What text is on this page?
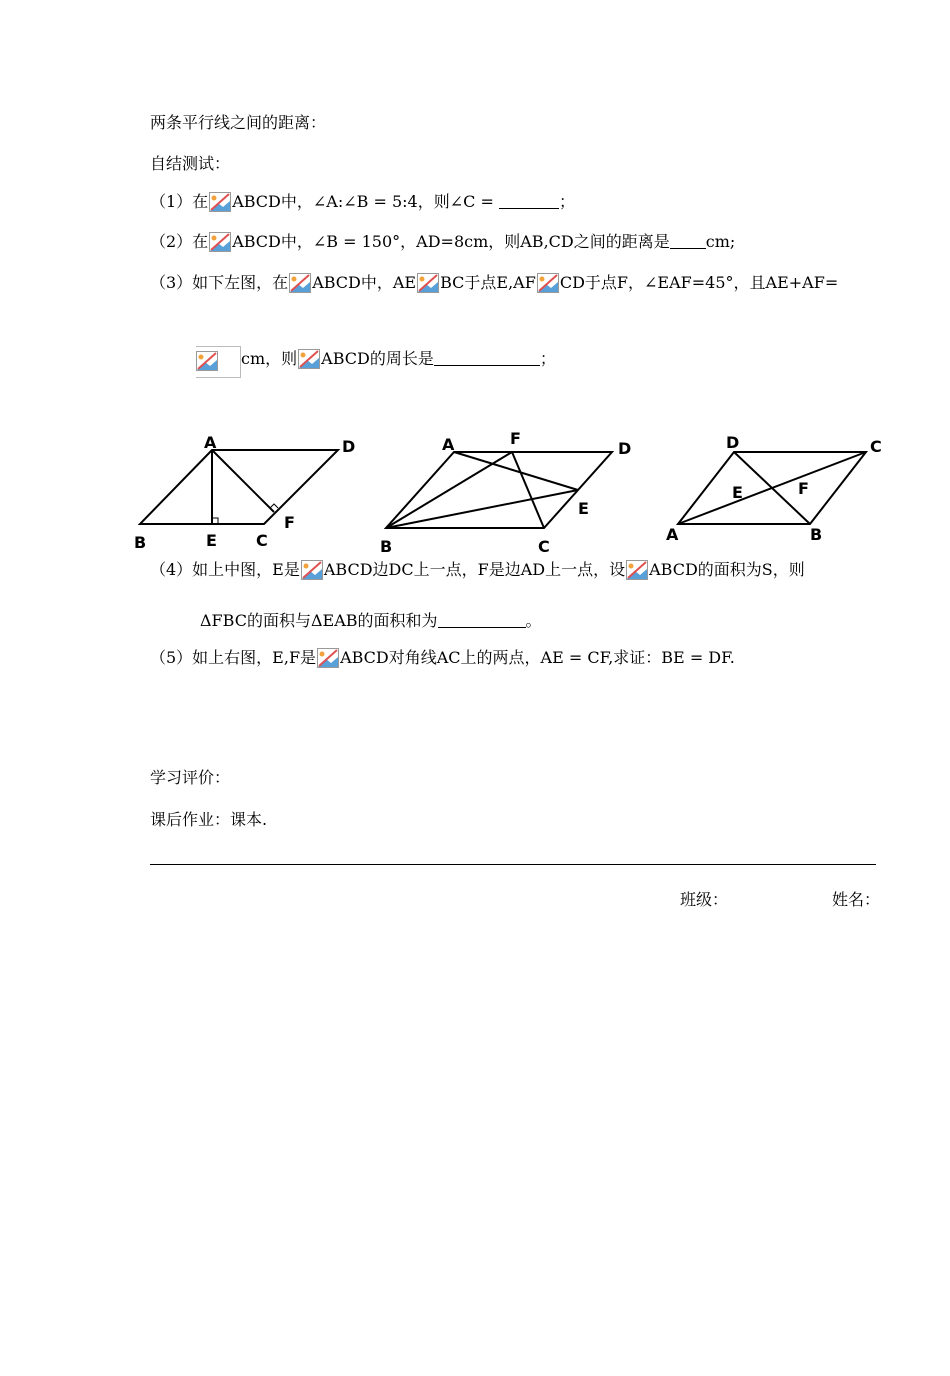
两条平行线之间的距离：
自结测试：
（1）在 ABCD中，∠A:∠B = 5:4，则∠C =	；
（2）在 ABCD中，∠B = 150°，AD=8cm，则AB,CD之间的距离是 cm;
（3）如下左图，在 ABCD中，AE BC于点E,AF CD于点F，∠EAF=45°，且AE+AF=
cm，则 ABCD的周长是	；
A	D
B	E C
F
A	F
D
E
B	C
D	C
E	F
A	B
（4）如上中图，E是 ABCD边DC上一点，F是边AD上一点，设 ABCD的面积为S，则
ΔFBC的面积与ΔEAB的面积和为	。
（5）如上右图，E,F是 ABCD对角线AC上的两点，AE = CF,求证：BE = DF.
学习评价：
课后作业：课本.
班级：	姓名：
